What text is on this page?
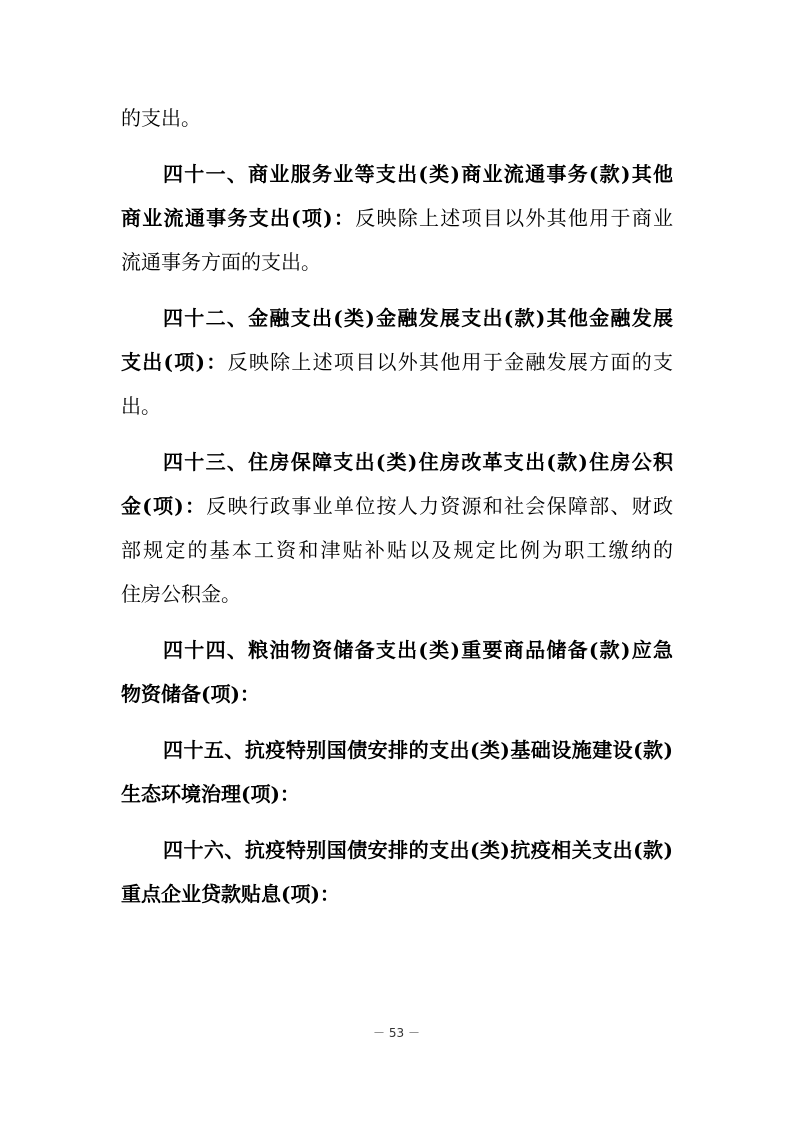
的支出。
四十一、商业服务业等支出(类)商业流通事务(款)其他
商业流通事务支出(项)：反映除上述项目以外其他用于商业
流通事务方面的支出。
四十二、金融支出(类)金融发展支出(款)其他金融发展
支出(项)：反映除上述项目以外其他用于金融发展方面的支
出。
四十三、住房保障支出(类)住房改革支出(款)住房公积
金(项)：反映行政事业单位按人力资源和社会保障部、财政
部规定的基本工资和津贴补贴以及规定比例为职工缴纳的
住房公积金。
四十四、粮油物资储备支出(类)重要商品储备(款)应急
物资储备(项)：
四十五、抗疫特别国债安排的支出(类)基础设施建设(款)
生态环境治理(项)：
四十六、抗疫特别国债安排的支出(类)抗疫相关支出(款)
重点企业贷款贴息(项)：
－ 53 －
